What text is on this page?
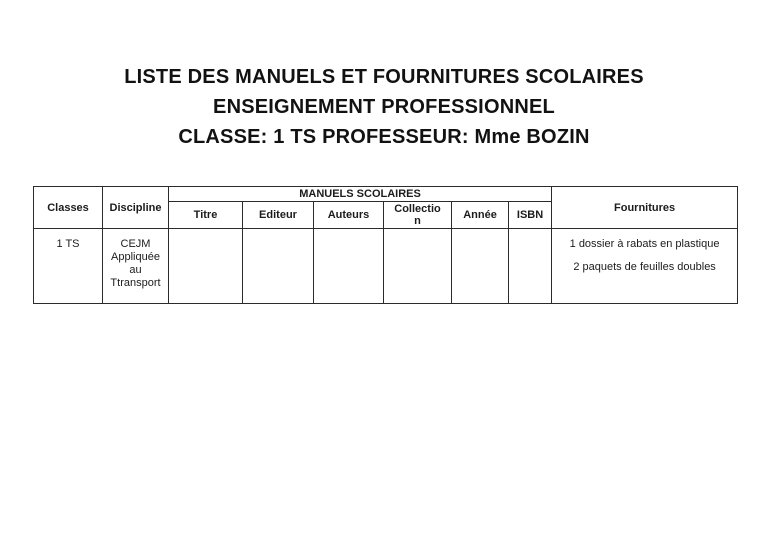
LISTE DES MANUELS ET FOURNITURES SCOLAIRES
ENSEIGNEMENT PROFESSIONNEL
CLASSE: 1 TS PROFESSEUR: Mme BOZIN
Classes	Discipline	MANUELS SCOLAIRES						Fournitures
		Titre	Editeur	Auteurs	Collection	Année	ISBN	
1 TS	CEJM Appliquée au Ttransport							1 dossier à rabats en plastique

2 paquets de feuilles doubles
